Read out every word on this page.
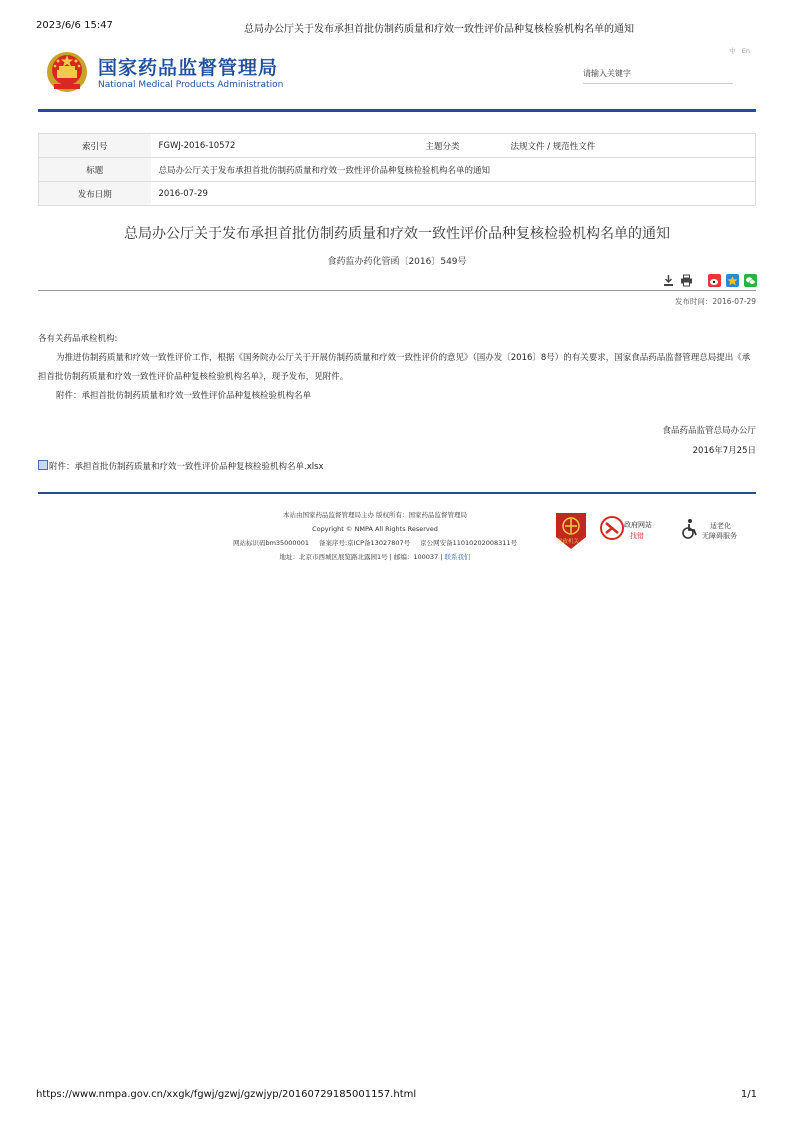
2023/6/6 15:47	总局办公厅关于发布承担首批仿制药质量和疗效一致性评价品种复核检验机构名单的通知
国家药品监督管理局
National Medical Products Administration
中 En
请输入关键字
索引号	FGWJ-2016-10572	主题分类	法规文件 / 规范性文件
标题	总局办公厅关于发布承担首批仿制药质量和疗效一致性评价品种复核检验机构名单的通知		
发布日期	2016-07-29		
总局办公厅关于发布承担首批仿制药质量和疗效一致性评价品种复核检验机构名单的通知
食药监办药化管函〔2016〕549号

发布时间：2016-07-29

各有关药品承检机构:

为推进仿制药质量和疗效一致性评价工作，根据《国务院办公厅关于开展仿制药质量和疗效一致性评价的意见》（国办发〔2016〕8号）的有关要求，国家食品药品监督管理总局提出《承担首批仿制药质量和疗效一致性评价品种复核检验机构名单》，现予发布，见附件。

附件：承担首批仿制药质量和疗效一致性评价品种复核检验机构名单

食品药品监管总局办公厅
2016年7月25日
附件：承担首批仿制药质量和疗效一致性评价品种复核检验机构名单.xlsx
本站由国家药品监督管理局主办 版权所有：国家药品监督管理局
Copyright © NMPA All Rights Reserved
网站标识码bm35000001 备案序号:京ICP备13027807号 京公网安备11010202008311号
地址：北京市西城区展览路北露园1号 | 邮编：100037 | 联系我们
党政机关
政府网站
找错
适老化
无障碍服务
https://www.nmpa.gov.cn/xxgk/fgwj/gzwj/gzwjyp/20160729185001157.html	1/1
